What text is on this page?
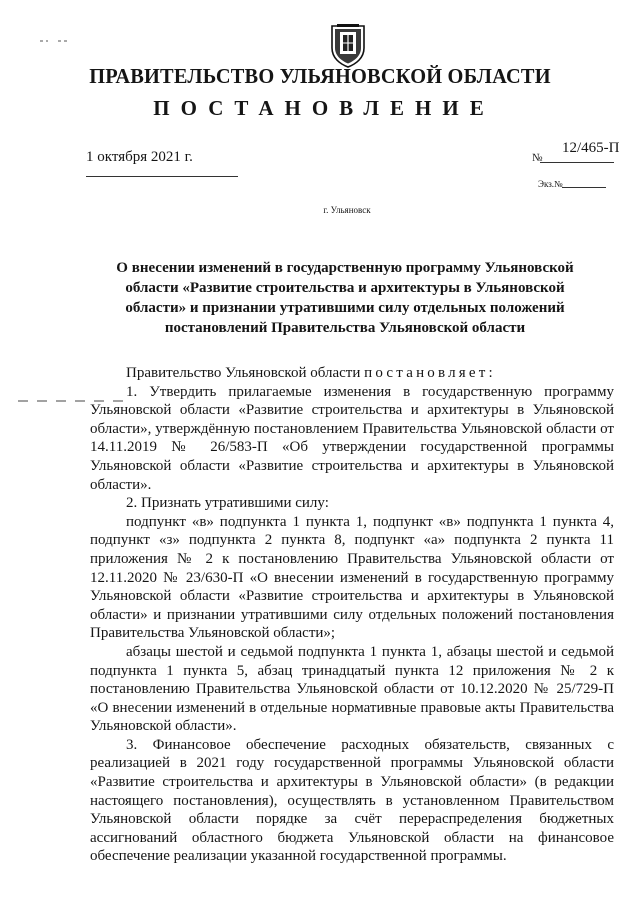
ПРАВИТЕЛЬСТВО УЛЬЯНОВСКОЙ ОБЛАСТИ
ПОСТАНОВЛЕНИЕ
1 октября 2021 г.	№
12/465-П
Экз.№
г. Ульяновск
О внесении изменений в государственную программу Ульяновской области «Развитие строительства и архитектуры в Ульяновской области» и признании утратившими силу отдельных положений постановлений Правительства Ульяновской области

Правительство Ульяновской области постановляет:

1. Утвердить прилагаемые изменения в государственную программу Ульяновской области «Развитие строительства и архитектуры в Ульяновской области», утверждённую постановлением Правительства Ульяновской области от 14.11.2019 № 26/583-П «Об утверждении государственной программы Ульяновской области «Развитие строительства и архитектуры в Ульяновской области».

2. Признать утратившими силу:

подпункт «в» подпункта 1 пункта 1, подпункт «в» подпункта 1 пункта 4, подпункт «з» подпункта 2 пункта 8, подпункт «а» подпункта 2 пункта 11 приложения № 2 к постановлению Правительства Ульяновской области от 12.11.2020 № 23/630-П «О внесении изменений в государственную программу Ульяновской области «Развитие строительства и архитектуры в Ульяновской области» и признании утратившими силу отдельных положений постановления Правительства Ульяновской области»;

абзацы шестой и седьмой подпункта 1 пункта 1, абзацы шестой и седьмой подпункта 1 пункта 5, абзац тринадцатый пункта 12 приложения № 2 к постановлению Правительства Ульяновской области от 10.12.2020 № 25/729-П «О внесении изменений в отдельные нормативные правовые акты Правительства Ульяновской области».

3. Финансовое обеспечение расходных обязательств, связанных с реализацией в 2021 году государственной программы Ульяновской области «Развитие строительства и архитектуры в Ульяновской области» (в редакции настоящего постановления), осуществлять в установленном Правительством Ульяновской области порядке за счёт перераспределения бюджетных ассигнований областного бюджета Ульяновской области на финансовое обеспечение реализации указанной государственной программы.
